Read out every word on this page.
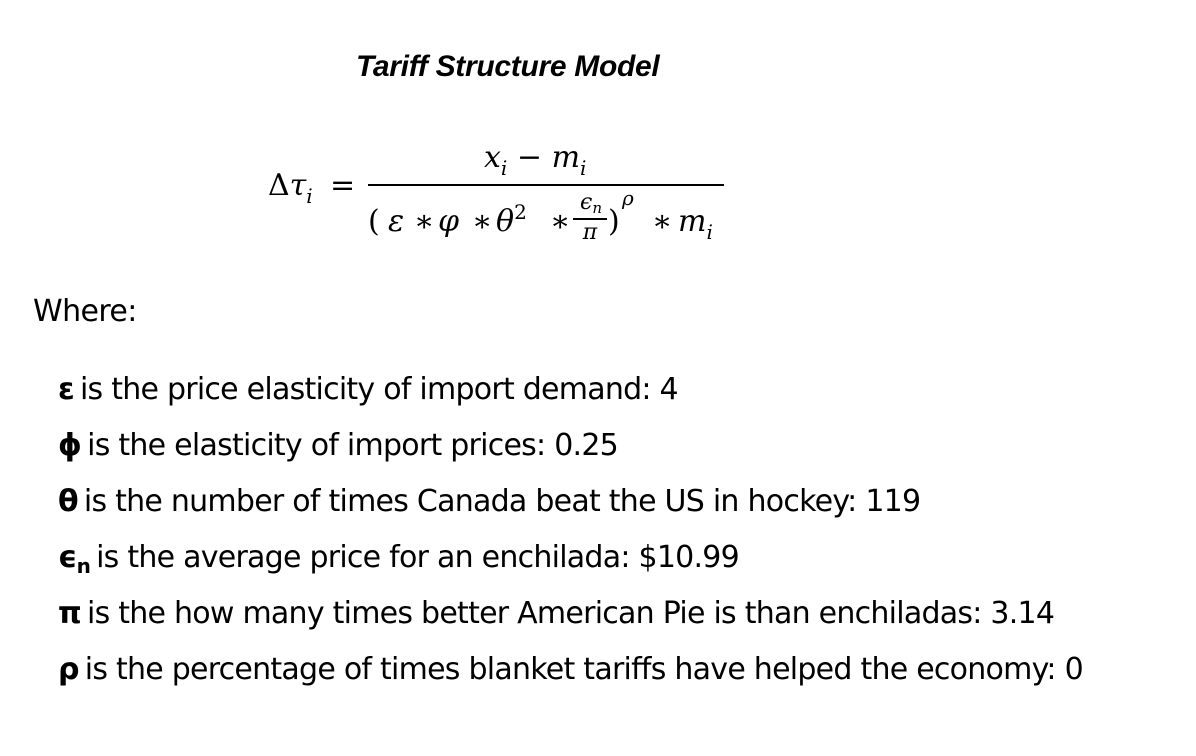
Tariff Structure Model
$\Delta\tau_i$ =
$x_i - m_i$
( ε ∗ φ ∗ $\theta^2$ ∗
ϵn
π )
ρ
∗ $m_i$
Where:
ε is the price elasticity of import demand: 4
ɸ is the elasticity of import prices: 0.25
θ is the number of times Canada beat the US in hockey: 119
$\epsilon_n$ is the average price for an enchilada: $10.99
π is the how many times better American Pie is than enchiladas: 3.14
ρ is the percentage of times blanket tariffs have helped the economy: 0
